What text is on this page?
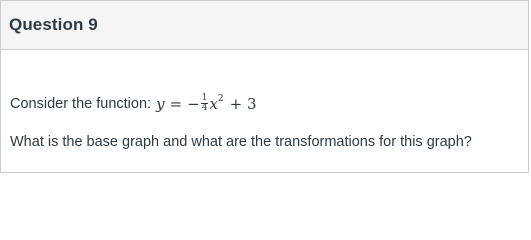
Question 9
Consider the function: y = − $\frac{1}{4}$ x 2 + 3
What is the base graph and what are the transformations for this graph?
